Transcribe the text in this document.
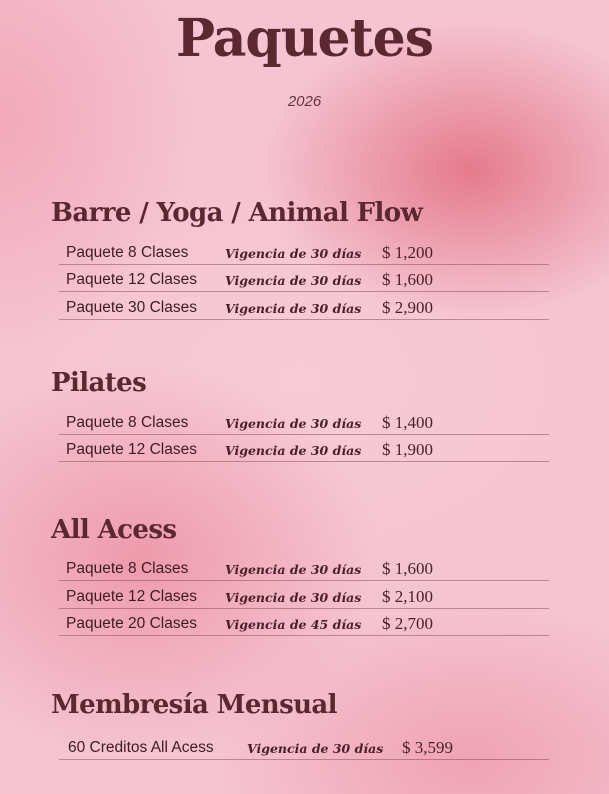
Paquetes
2026
Barre / Yoga / Animal Flow
Paquete 8 Clases	Vigencia de 30 días $ 1,200
Paquete 12 Clases Vigencia de 30 días $ 1,600
Paquete 30 Clases Vigencia de 30 días $ 2,900
Pilates
Paquete 8 Clases	Vigencia de 30 días $ 1,400
Paquete 12 Clases Vigencia de 30 días $ 1,900
All Acess
Paquete 8 Clases	Vigencia de 30 días $ 1,600
Paquete 12 Clases Vigencia de 30 días $ 2,100
Paquete 20 Clases Vigencia de 45 días $ 2,700
Membresía Mensual
60 Creditos All Acess	Vigencia de 30 días $ 3,599
